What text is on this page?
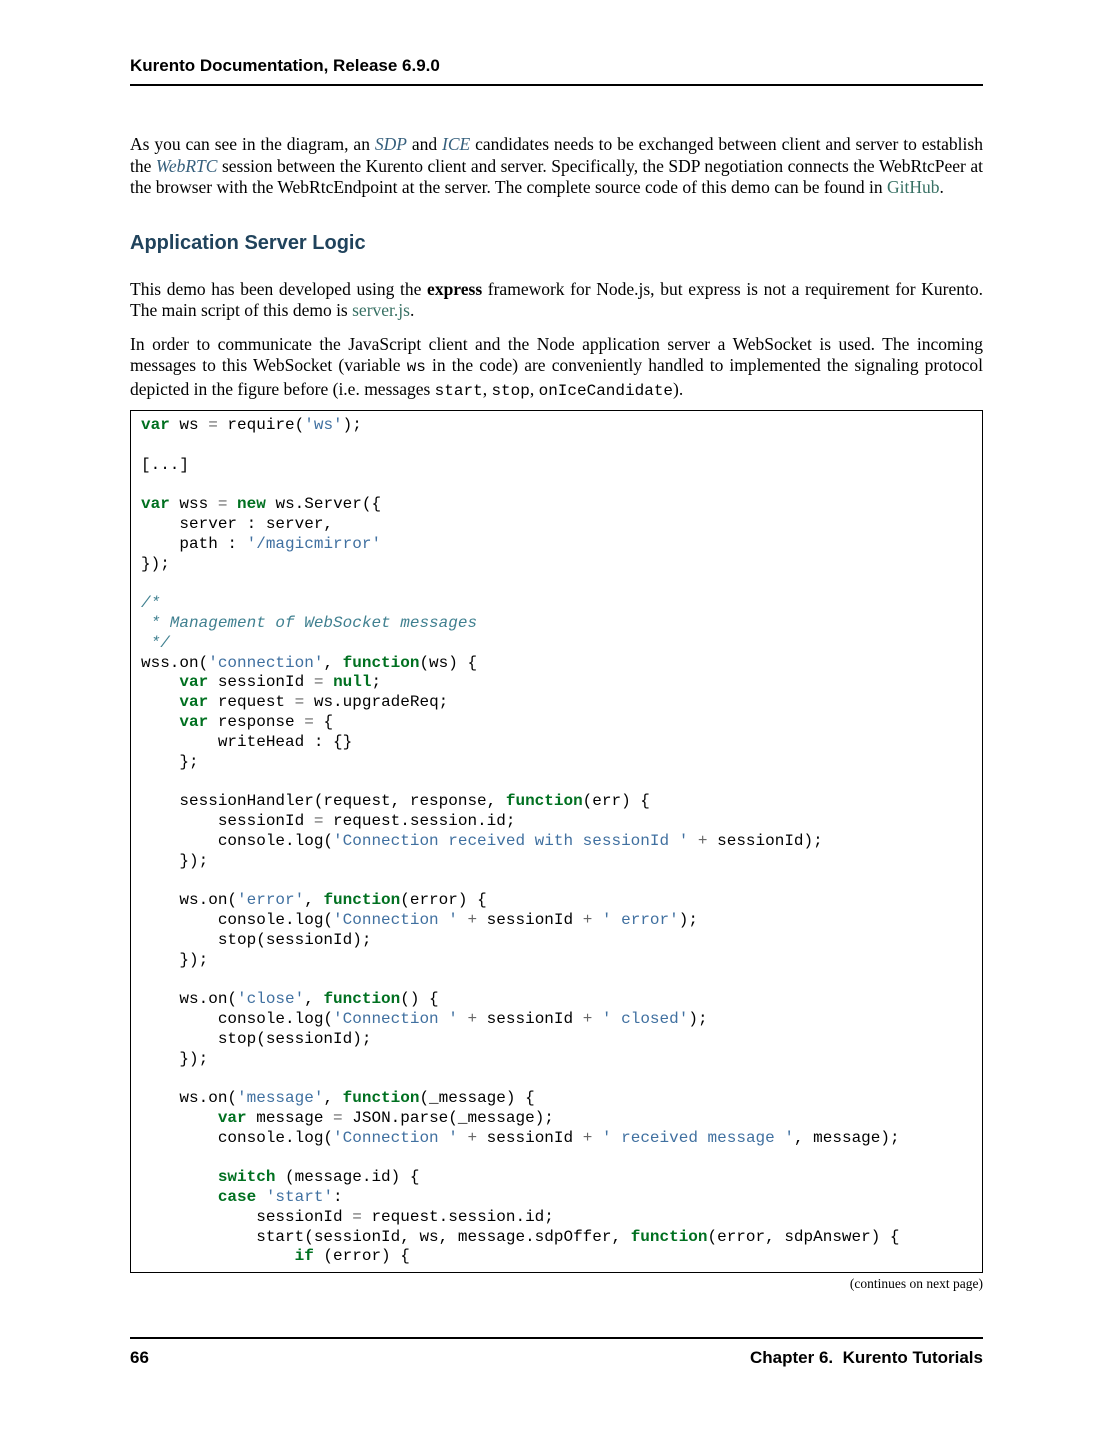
Kurento Documentation, Release 6.9.0

As you can see in the diagram, an SDP and ICE candidates needs to be exchanged between client and server to establish the WebRTC session between the Kurento client and server. Specifically, the SDP negotiation connects the WebRtcPeer at the browser with the WebRtcEndpoint at the server. The complete source code of this demo can be found in GitHub.

Application Server Logic

This demo has been developed using the express framework for Node.js, but express is not a requirement for Kurento. The main script of this demo is server.js.

In order to communicate the JavaScript client and the Node application server a WebSocket is used. The incoming messages to this WebSocket (variable ws in the code) are conveniently handled to implemented the signaling protocol depicted in the figure before (i.e. messages start, stop, onIceCandidate).

var ws = require('ws');

[...]

var wss = new ws.Server({
server : server,
path : '/magicmirror'
});

/*
* Management of WebSocket messages
*/
wss.on('connection', function(ws) {
var sessionId = null;
var request = ws.upgradeReq;
var response = {
writeHead : {}
};

sessionHandler(request, response, function(err) {
sessionId = request.session.id;
console.log('Connection received with sessionId ' + sessionId);
});

ws.on('error', function(error) {
console.log('Connection ' + sessionId + ' error');
stop(sessionId);
});

ws.on('close', function() {
console.log('Connection ' + sessionId + ' closed');
stop(sessionId);
});

ws.on('message', function(_message) {
var message = JSON.parse(_message);
console.log('Connection ' + sessionId + ' received message ', message);

switch (message.id) {
case 'start':
sessionId = request.session.id;
start(sessionId, ws, message.sdpOffer, function(error, sdpAnswer) {
if (error) {
(continues on next page)
66	Chapter 6.  Kurento Tutorials
